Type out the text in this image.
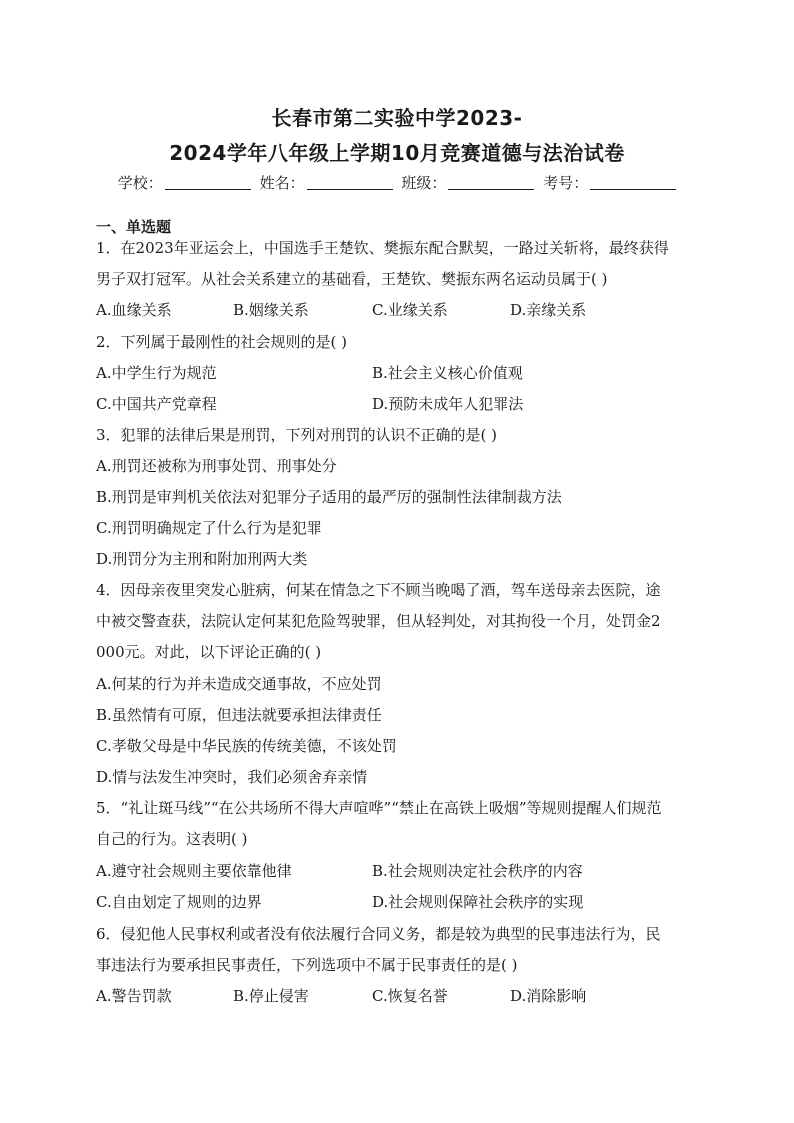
长春市第二实验中学2023-
2024学年八年级上学期10月竞赛道德与法治试卷
学校：	姓名：	班级：	考号：
一、单选题
1．在2023年亚运会上，中国选手王楚钦、樊振东配合默契，一路过关斩将，最终获得
男子双打冠军。从社会关系建立的基础看，王楚钦、樊振东两名运动员属于( )
A.血缘关系	B.姻缘关系	C.业缘关系	D.亲缘关系
2．下列属于最刚性的社会规则的是( )
A.中学生行为规范	B.社会主义核心价值观
C.中国共产党章程	D.预防未成年人犯罪法
3．犯罪的法律后果是刑罚，下列对刑罚的认识不正确的是( )
A.刑罚还被称为刑事处罚、刑事处分
B.刑罚是审判机关依法对犯罪分子适用的最严厉的强制性法律制裁方法
C.刑罚明确规定了什么行为是犯罪
D.刑罚分为主刑和附加刑两大类
4．因母亲夜里突发心脏病，何某在情急之下不顾当晚喝了酒，驾车送母亲去医院，途
中被交警查获，法院认定何某犯危险驾驶罪，但从轻判处，对其拘役一个月，处罚金2
000元。对此，以下评论正确的( )
A.何某的行为并未造成交通事故，不应处罚
B.虽然情有可原，但违法就要承担法律责任
C.孝敬父母是中华民族的传统美德，不该处罚
D.情与法发生冲突时，我们必须舍弃亲情
5．“礼让斑马线”“在公共场所不得大声喧哗”“禁止在高铁上吸烟”等规则提醒人们规范
自己的行为。这表明( )
A.遵守社会规则主要依靠他律	B.社会规则决定社会秩序的内容
C.自由划定了规则的边界	D.社会规则保障社会秩序的实现
6．侵犯他人民事权利或者没有依法履行合同义务，都是较为典型的民事违法行为，民
事违法行为要承担民事责任，下列选项中不属于民事责任的是( )
A.警告罚款	B.停止侵害	C.恢复名誉	D.消除影响
